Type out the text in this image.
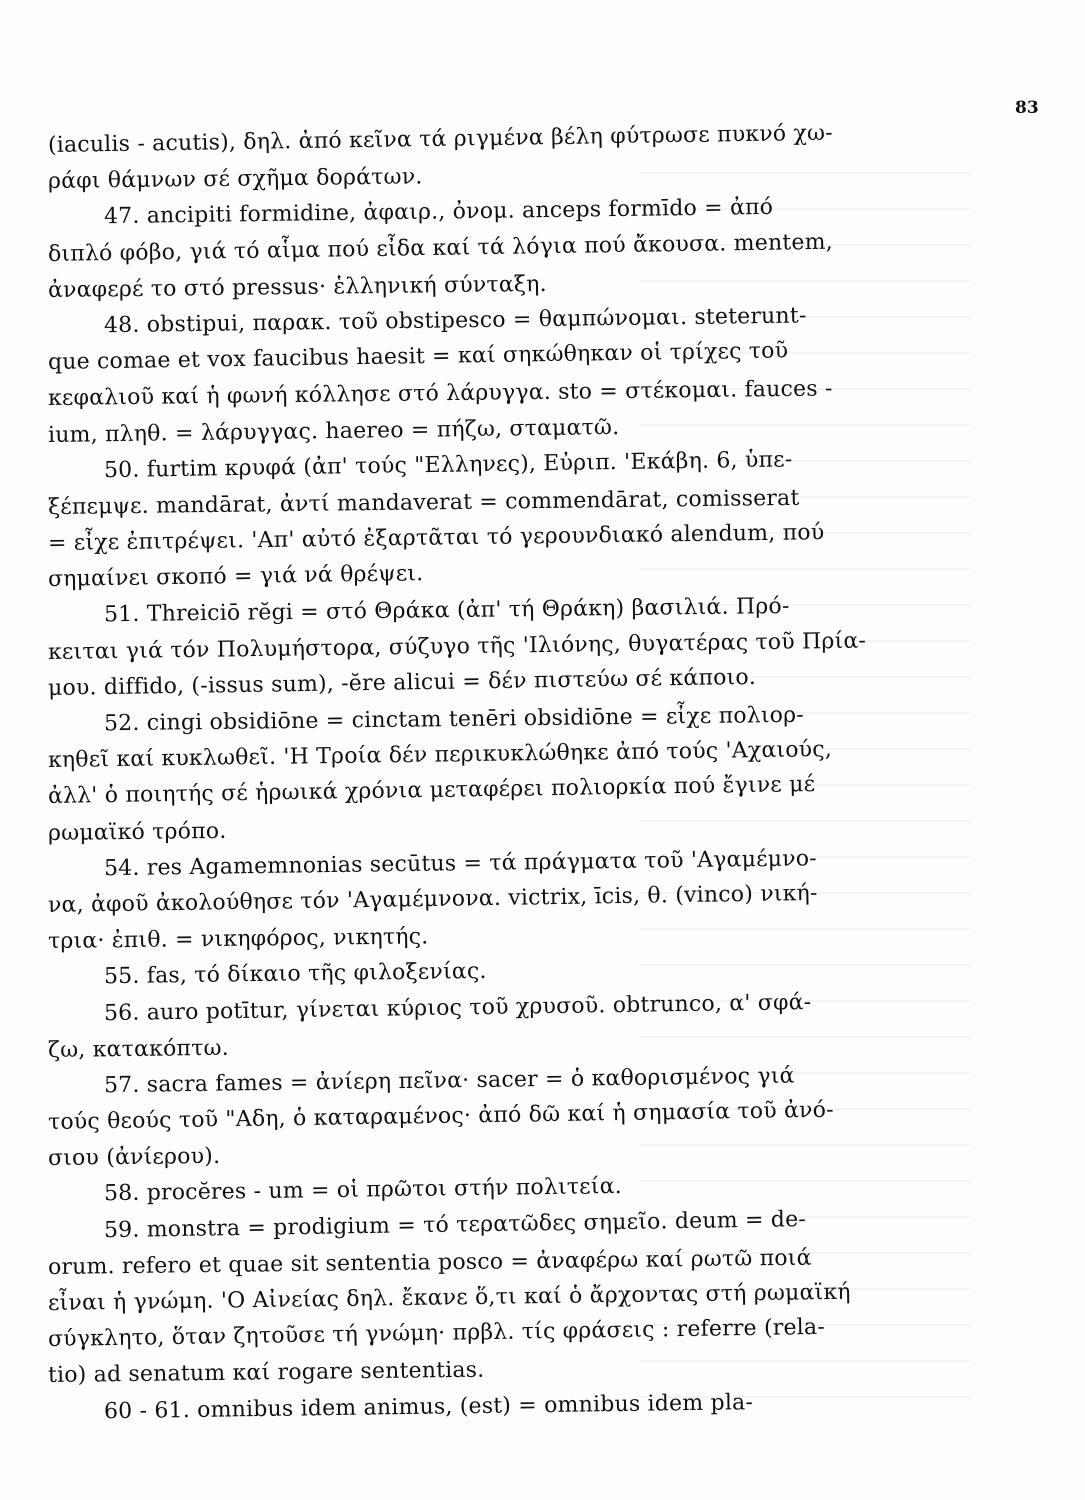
83
(iaculis - acutis), δηλ. ἀπό κεῖνα τά ριγμένα βέλη φύτρωσε πυκνό χω-
ράφι θάμνων σέ σχῆμα δοράτων.
47. ancipiti formidine, ἀφαιρ., ὀνομ. anceps formīdo = ἀπό
διπλό φόβο, γιά τό αἷμα πού εἶδα καί τά λόγια πού ἄκουσα. mentem,
ἀναφερέ το στό pressus· ἑλληνική σύνταξη.
48. obstipui, παρακ. τοῦ obstipesco = θαμπώνομαι. steterunt-
que comae et vox faucibus haesit = καί σηκώθηκαν οἱ τρίχες τοῦ
κεφαλιοῦ καί ἡ φωνή κόλλησε στό λάρυγγα. sto = στέκομαι. fauces -
ium, πληθ. = λάρυγγας. haereo = πήζω, σταματῶ.
50. furtim κρυφά (ἀπ' τούς "Ελληνες), Εὐριπ. 'Εκάβη. 6, ὑπε-
ξέπεμψε. mandārat, ἀντί mandaverat = commendārat, comisserat
= εἶχε ἐπιτρέψει. 'Απ' αὐτό ἐξαρτᾶται τό γερουνδιακό alendum, πού
σημαίνει σκοπό = γιά νά θρέψει.
51. Threiciō rĕgi = στό Θράκα (ἀπ' τή Θράκη) βασιλιά. Πρό-
κειται γιά τόν Πολυμήστορα, σύζυγο τῆς 'Ιλιόνης, θυγατέρας τοῦ Πρία-
μου. diffido, (-issus sum), -ĕre alicui = δέν πιστεύω σέ κάποιο.
52. cingi obsidiōne = cinctam tenēri obsidiōne = εἶχε πολιορ-
κηθεῖ καί κυκλωθεῖ. 'Η Τροία δέν περικυκλώθηκε ἀπό τούς 'Αχαιούς,
ἀλλ' ὁ ποιητής σέ ἡρωικά χρόνια μεταφέρει πολιορκία πού ἔγινε μέ
ρωμαϊκό τρόπο.
54. res Agamemnonias secūtus = τά πράγματα τοῦ 'Αγαμέμνο-
να, ἀφοῦ ἀκολούθησε τόν 'Αγαμέμνονα. victrix, īcis, θ. (vinco) νική-
τρια· ἐπιθ. = νικηφόρος, νικητής.
55. fas, τό δίκαιο τῆς φιλοξενίας.
56. auro potītur, γίνεται κύριος τοῦ χρυσοῦ. obtrunco, α' σφά-
ζω, κατακόπτω.
57. sacra fames = ἀνίερη πεῖνα· sacer = ὁ καθορισμένος γιά
τούς θεούς τοῦ "Αδη, ὁ καταραμένος· ἀπό δῶ καί ἡ σημασία τοῦ ἀνό-
σιου (ἀνίερου).
58. procĕres - um = οἱ πρῶτοι στήν πολιτεία.
59. monstra = prodigium = τό τερατῶδες σημεῖο. deum = de-
orum. refero et quae sit sententia posco = ἀναφέρω καί ρωτῶ ποιά
εἶναι ἡ γνώμη. 'Ο Αἰνείας δηλ. ἔκανε ὅ,τι καί ὁ ἄρχοντας στή ρωμαϊκή
σύγκλητο, ὅταν ζητοῦσε τή γνώμη· πρβλ. τίς φράσεις : referre (rela-
tio) ad senatum καί rogare sententias.
60 - 61. omnibus idem animus, (est) = omnibus idem pla-
